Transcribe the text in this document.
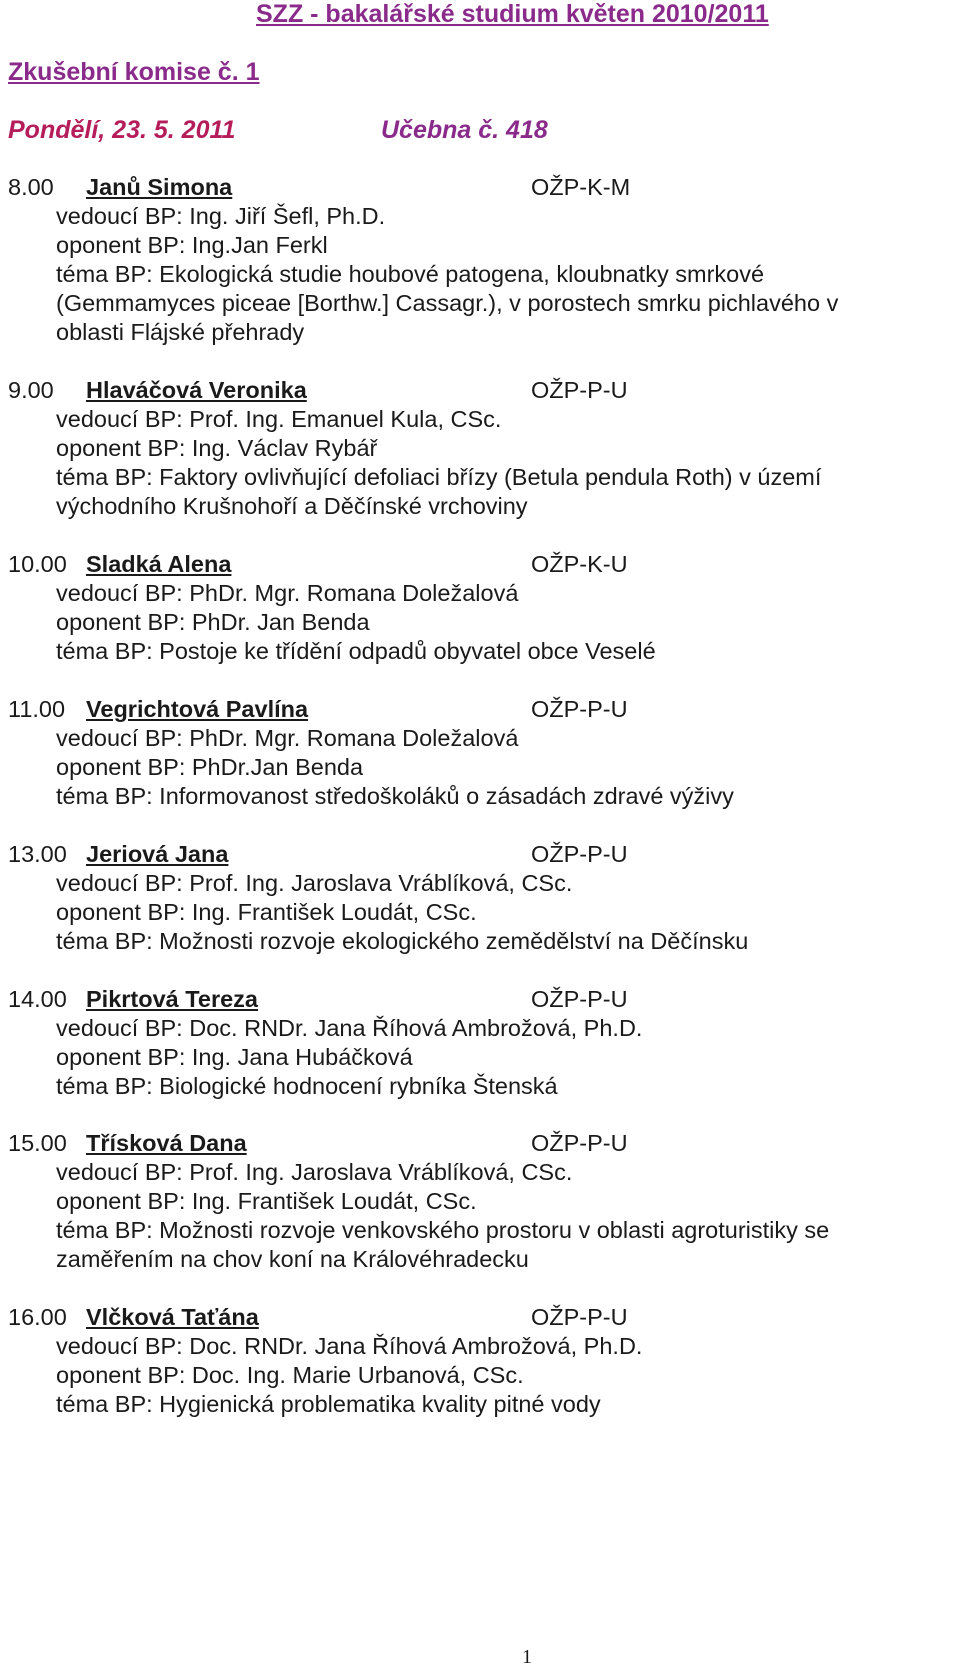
SZZ - bakalářské studium květen 2010/2011
Zkušební komise č. 1
Pondělí, 23. 5. 2011	Učebna č. 418
8.00 Janů Simona	OŽP-K-M
vedoucí BP: Ing. Jiří Šefl, Ph.D.
oponent BP: Ing.Jan Ferkl
téma BP: Ekologická studie houbové patogena, kloubnatky smrkové
(Gemmamyces piceae [Borthw.] Cassagr.), v porostech smrku pichlavého v
oblasti Flájské přehrady
9.00 Hlaváčová Veronika	OŽP-P-U
vedoucí BP: Prof. Ing. Emanuel Kula, CSc.
oponent BP: Ing. Václav Rybář
téma BP: Faktory ovlivňující defoliaci břízy (Betula pendula Roth) v území
východního Krušnohoří a Děčínské vrchoviny
10.00 Sladká Alena	OŽP-K-U
vedoucí BP: PhDr. Mgr. Romana Doležalová
oponent BP: PhDr. Jan Benda
téma BP: Postoje ke třídění odpadů obyvatel obce Veselé
11.00 Vegrichtová Pavlína	OŽP-P-U
vedoucí BP: PhDr. Mgr. Romana Doležalová
oponent BP: PhDr.Jan Benda
téma BP: Informovanost středoškoláků o zásadách zdravé výživy
13.00 Jeriová Jana	OŽP-P-U
vedoucí BP: Prof. Ing. Jaroslava Vráblíková, CSc.
oponent BP: Ing. František Loudát, CSc.
téma BP: Možnosti rozvoje ekologického zemědělství na Děčínsku
14.00 Pikrtová Tereza	OŽP-P-U
vedoucí BP: Doc. RNDr. Jana Říhová Ambrožová, Ph.D.
oponent BP: Ing. Jana Hubáčková
téma BP: Biologické hodnocení rybníka Štenská
15.00 Třísková Dana	OŽP-P-U
vedoucí BP: Prof. Ing. Jaroslava Vráblíková, CSc.
oponent BP: Ing. František Loudát, CSc.
téma BP: Možnosti rozvoje venkovského prostoru v oblasti agroturistiky se
zaměřením na chov koní na Královéhradecku
16.00 Vlčková Taťána	OŽP-P-U
vedoucí BP: Doc. RNDr. Jana Říhová Ambrožová, Ph.D.
oponent BP: Doc. Ing. Marie Urbanová, CSc.
téma BP: Hygienická problematika kvality pitné vody
1
